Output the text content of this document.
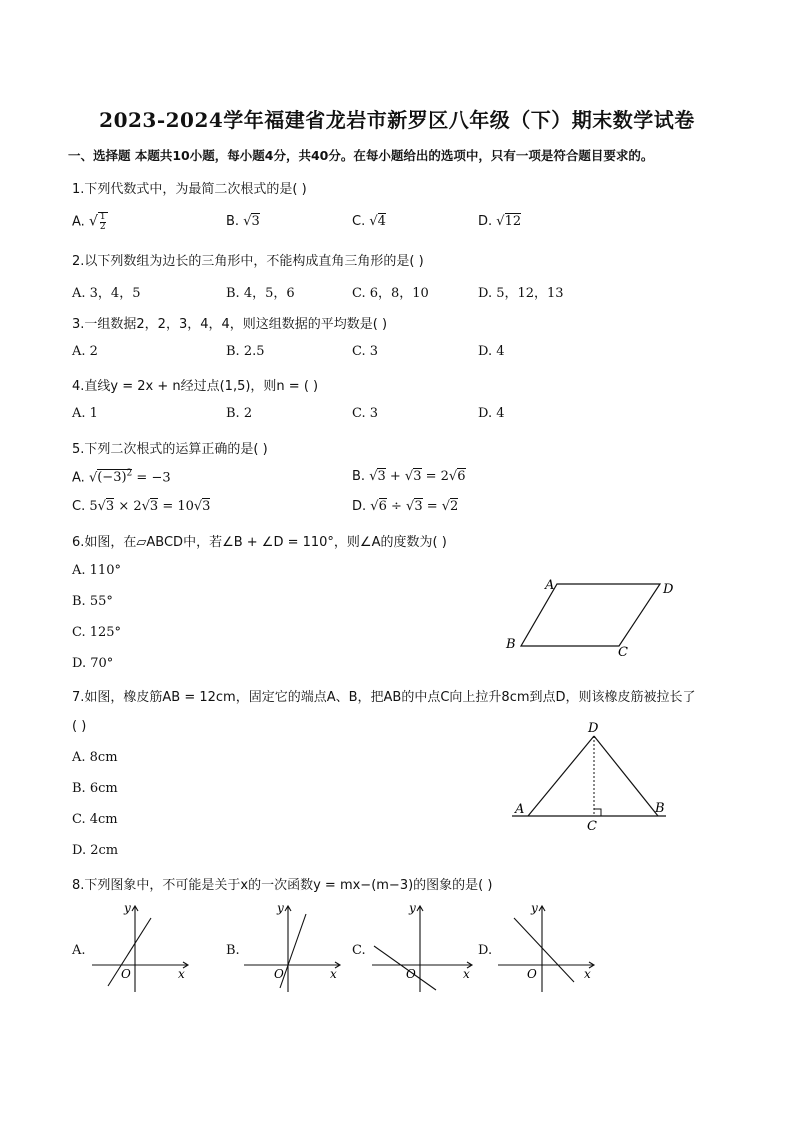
2023-2024学年福建省龙岩市新罗区八年级（下）期末数学试卷
一、选择题 本题共10小题，每小题4分，共40分。在每小题给出的选项中，只有一项是符合题目要求的。
1.下列代数式中，为最简二次根式的是( )
A. √ $\frac{1}{2}$	B. √3	C. √4	D. √12
2.以下列数组为边长的三角形中，不能构成直角三角形的是( )
A. 3，4，5	B. 4，5，6	C. 6，8，10	D. 5，12，13
3.一组数据2，2，3，4，4，则这组数据的平均数是( )
A. 2	B. 2.5	C. 3	D. 4
4.直线y = 2x + n经过点(1,5)，则n = ( )
A. 1	B. 2	C. 3	D. 4
5.下列二次根式的运算正确的是( )
A. $√(-3)^2 = -3$	B. √3 + √3 = 2√6
C. 5√3 × 2√3 = 10√3	D. √6 ÷ √3 = √2
6.如图，在▱ABCD中，若∠B + ∠D = 110°，则∠A的度数为( )
A. 110°
B. 55°
C. 125°
D. 70°
A	D
B
C
7.如图，橡皮筋AB = 12cm，固定它的端点A、B，把AB的中点C向上拉升8cm到点D，则该橡皮筋被拉长了
( )
A. 8cm
B. 6cm
C. 4cm
D. 2cm
D
A	B
C
8.下列图象中，不可能是关于x的一次函数y = mx−(m−3)的图象的是( )
A.
x
y
O
B.
x
y
O
C.
x
y
O
D.
x
y
O
